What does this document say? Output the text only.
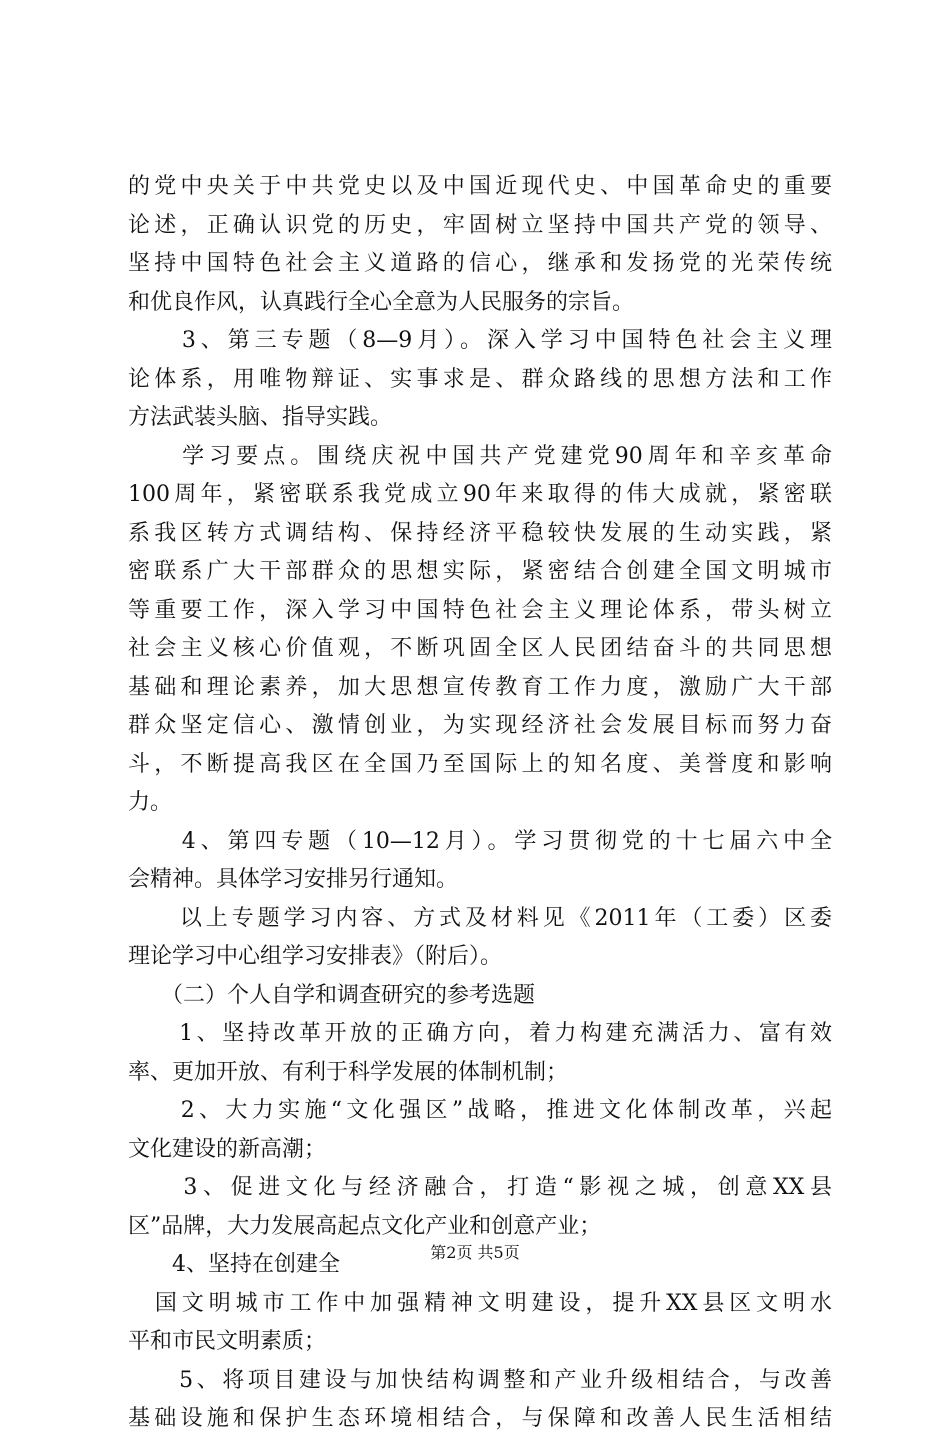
的党中央关于中共党史以及中国近现代史、中国革命史的重要
论述，正确认识党的历史，牢固树立坚持中国共产党的领导、
坚持中国特色社会主义道路的信心，继承和发扬党的光荣传统
和优良作风，认真践行全心全意为人民服务的宗旨。
　　3、第三专题（8—9月）。深入学习中国特色社会主义理
论体系，用唯物辩证、实事求是、群众路线的思想方法和工作
方法武装头脑、指导实践。
　　学习要点。围绕庆祝中国共产党建党90周年和辛亥革命
100周年，紧密联系我党成立90年来取得的伟大成就，紧密联
系我区转方式调结构、保持经济平稳较快发展的生动实践，紧
密联系广大干部群众的思想实际，紧密结合创建全国文明城市
等重要工作，深入学习中国特色社会主义理论体系，带头树立
社会主义核心价值观，不断巩固全区人民团结奋斗的共同思想
基础和理论素养，加大思想宣传教育工作力度，激励广大干部
群众坚定信心、激情创业，为实现经济社会发展目标而努力奋
斗，不断提高我区在全国乃至国际上的知名度、美誉度和影响
力。
　　4、第四专题（10—12月）。学习贯彻党的十七届六中全
会精神。具体学习安排另行通知。
　　以上专题学习内容、方式及材料见《2011年（工委）区委
理论学习中心组学习安排表》（附后）。
　　（二）个人自学和调查研究的参考选题
　　1、坚持改革开放的正确方向，着力构建充满活力、富有效
率、更加开放、有利于科学发展的体制机制；
　　2、大力实施“文化强区”战略，推进文化体制改革，兴起
文化建设的新高潮；
　　3、促进文化与经济融合，打造“影视之城，创意XX县
区”品牌，大力发展高起点文化产业和创意产业；
　　4、坚持在创建全
　国文明城市工作中加强精神文明建设，提升XX县区文明水
平和市民文明素质；
　　5、将项目建设与加快结构调整和产业升级相结合，与改善
基础设施和保护生态环境相结合，与保障和改善人民生活相结
第2页 共5页
